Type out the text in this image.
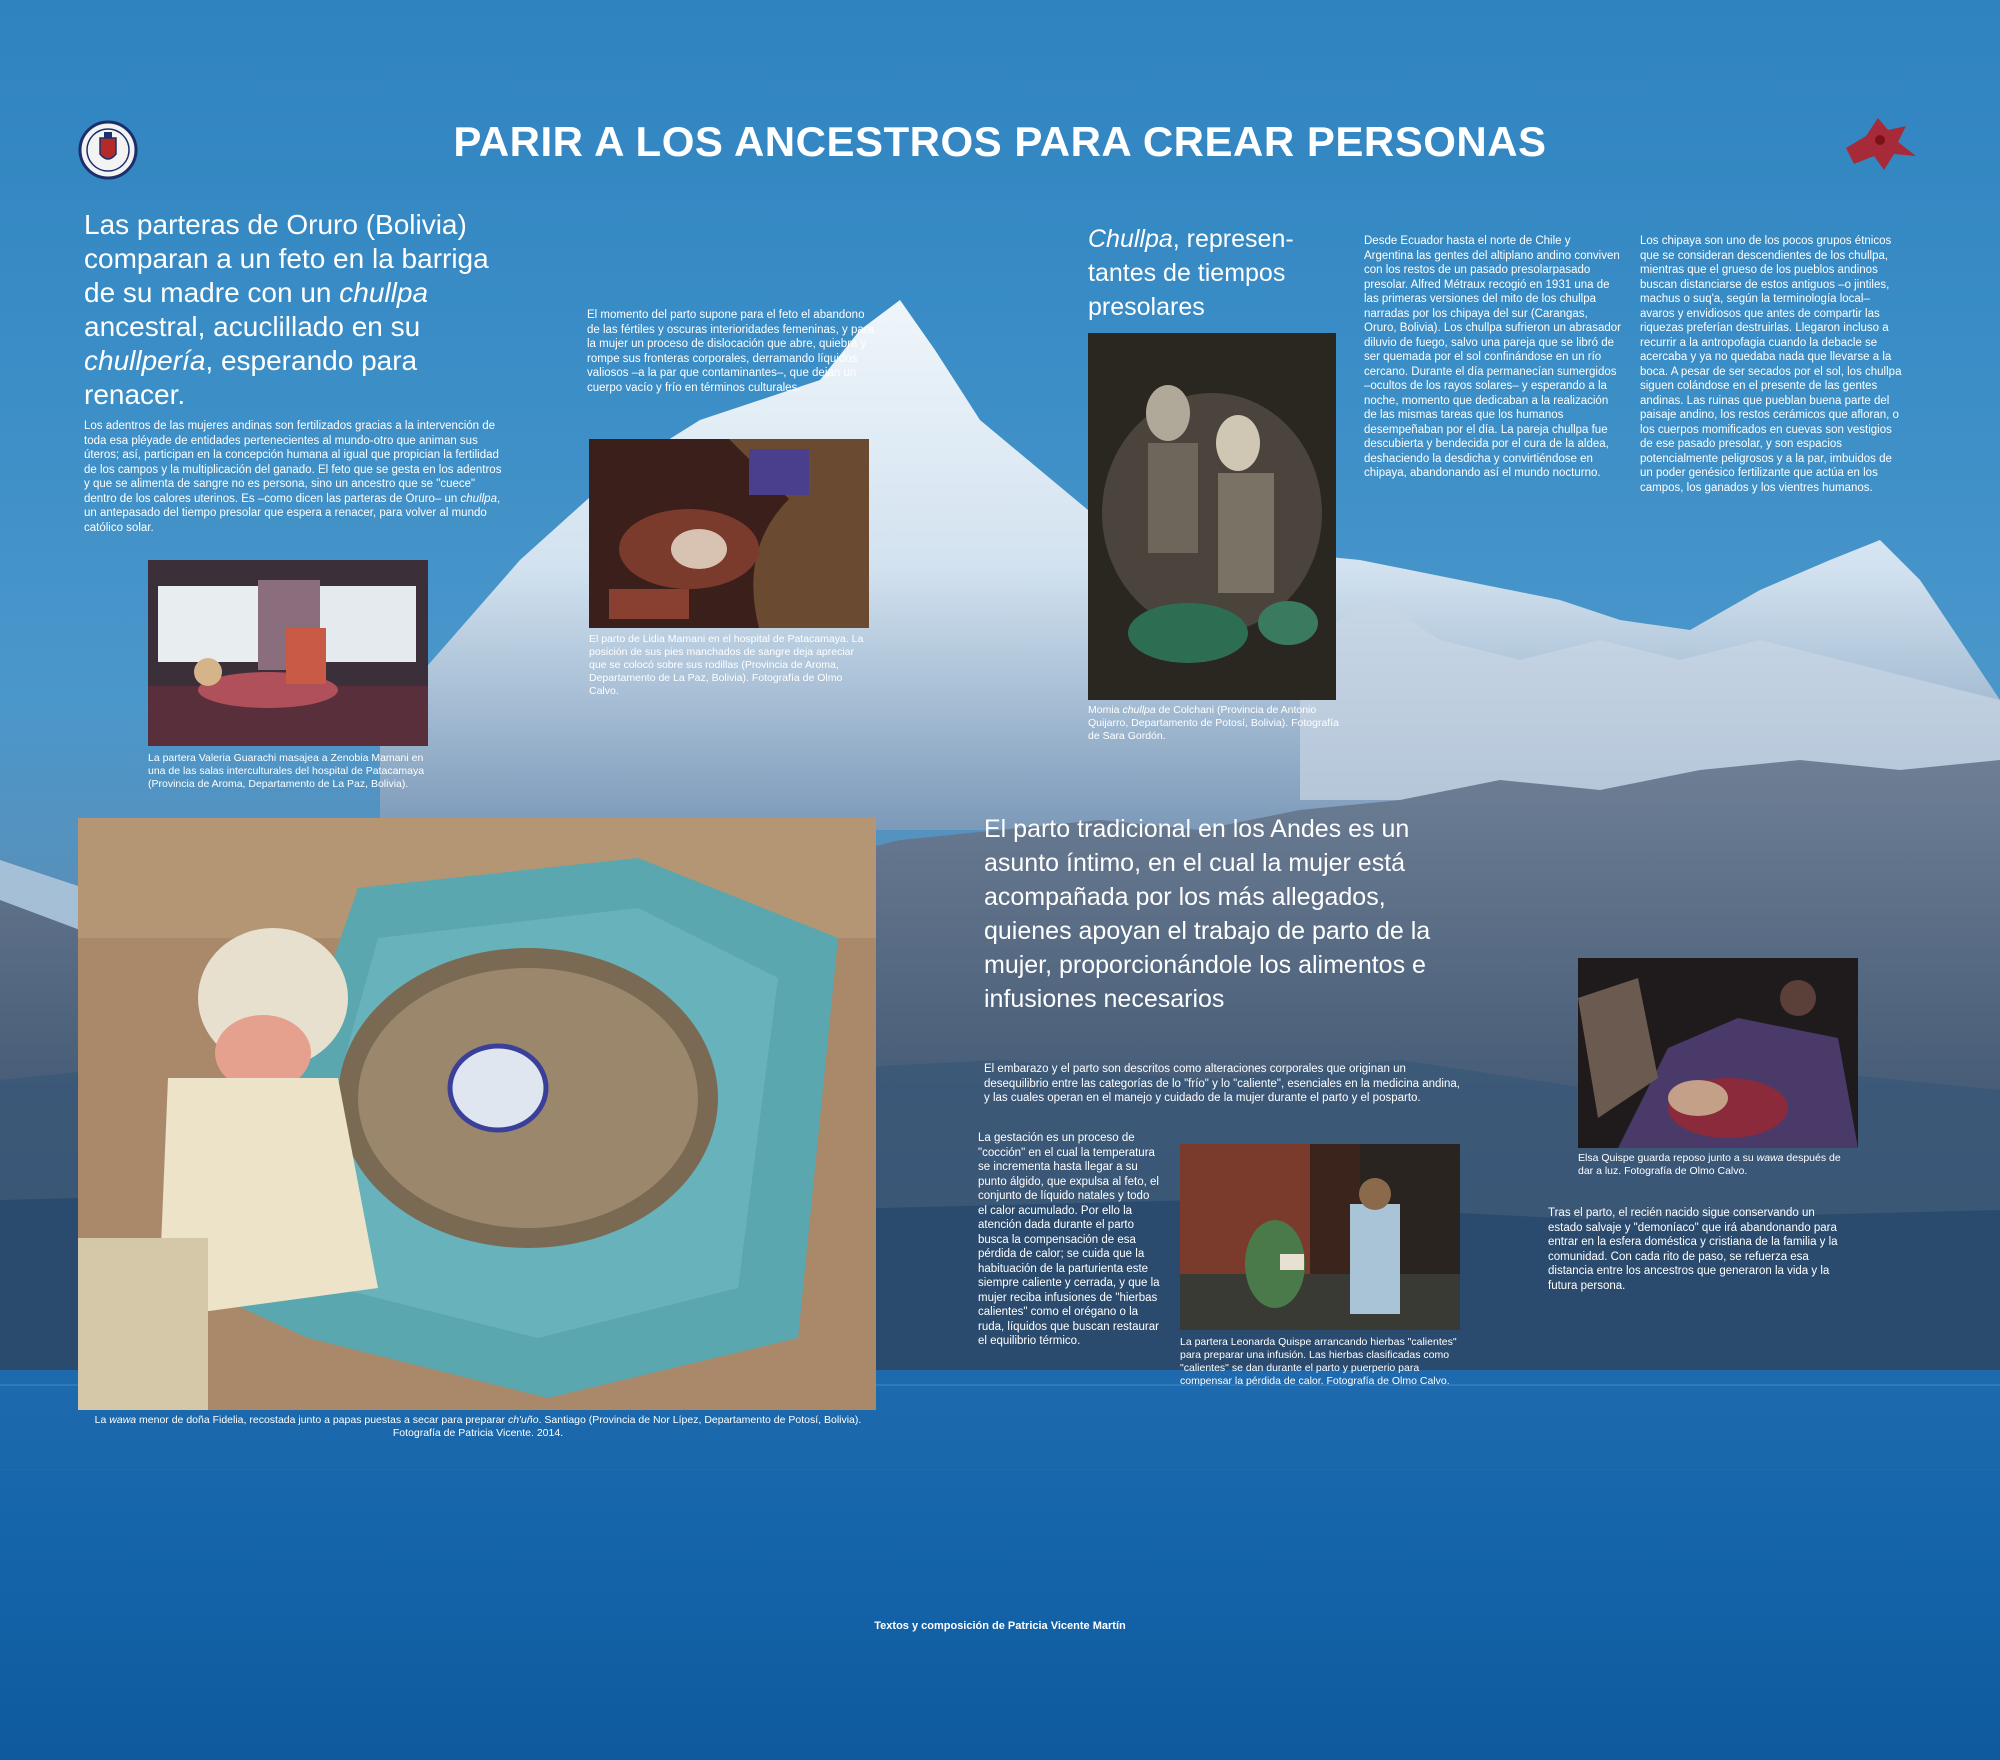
PARIR A LOS ANCESTROS PARA CREAR PERSONAS
Las parteras de Oruro (Bolivia) comparan a un feto en la barriga de su madre con un chullpa ancestral, acuclillado en su chullpería, esperando para renacer.
Los adentros de las mujeres andinas son fertilizados gracias a la intervención de toda esa pléyade de entidades pertenecientes al mundo-otro que animan sus úteros; así, participan en la concepción humana al igual que propician la fertilidad de los campos y la multiplicación del ganado. El feto que se gesta en los adentros y que se alimenta de sangre no es persona, sino un ancestro que se "cuece" dentro de los calores uterinos. Es –como dicen las parteras de Oruro– un chullpa, un antepasado del tiempo presolar que espera a renacer, para volver al mundo católico solar.
La partera Valeria Guarachi masajea a Zenobia Mamani en una de las salas interculturales del hospital de Patacamaya (Provincia de Aroma, Departamento de La Paz, Bolivia).
El momento del parto supone para el feto el abandono de las fértiles y oscuras interioridades femeninas, y para la mujer un proceso de dislocación que abre, quiebra y rompe sus fronteras corporales, derramando líquidos valiosos –a la par que contaminantes–, que dejan un cuerpo vacío y frío en términos culturales.
El parto de Lidia Mamani en el hospital de Patacamaya. La posición de sus pies manchados de sangre deja apreciar que se colocó sobre sus rodillas (Provincia de Aroma, Departamento de La Paz, Bolivia). Fotografía de Olmo Calvo.
Chullpa, represen-tantes de tiempos presolares
Momia chullpa de Colchani (Provincia de Antonio Quijarro, Departamento de Potosí, Bolivia). Fotografía de Sara Gordón.
Desde Ecuador hasta el norte de Chile y Argentina las gentes del altiplano andino conviven con los restos de un pasado presolarpasado presolar. Alfred Métraux recogió en 1931 una de las primeras versiones del mito de los chullpa narradas por los chipaya del sur (Carangas, Oruro, Bolivia). Los chullpa sufrieron un abrasador diluvio de fuego, salvo una pareja que se libró de ser quemada por el sol confinándose en un río cercano. Durante el día permanecían sumergidos –ocultos de los rayos solares– y esperando a la noche, momento que dedicaban a la realización de las mismas tareas que los humanos desempeñaban por el día. La pareja chullpa fue descubierta y bendecida por el cura de la aldea, deshaciendo la desdicha y convirtiéndose en chipaya, abandonando así el mundo nocturno.
Los chipaya son uno de los pocos grupos étnicos que se consideran descendientes de los chullpa, mientras que el grueso de los pueblos andinos buscan distanciarse de estos antiguos –o jintiles, machus o suq'a, según la terminología local– avaros y envidiosos que antes de compartir las riquezas preferían destruirlas. Llegaron incluso a recurrir a la antropofagia cuando la debacle se acercaba y ya no quedaba nada que llevarse a la boca. A pesar de ser secados por el sol, los chullpa siguen colándose en el presente de las gentes andinas. Las ruinas que pueblan buena parte del paisaje andino, los restos cerámicos que afloran, o los cuerpos momificados en cuevas son vestigios de ese pasado presolar, y son espacios potencialmente peligrosos y a la par, imbuidos de un poder genésico fertilizante que actúa en los campos, los ganados y los vientres humanos.
La wawa menor de doña Fidelia, recostada junto a papas puestas a secar para preparar ch'uño. Santiago (Provincia de Nor Lípez, Departamento de Potosí, Bolivia). Fotografía de Patricia Vicente. 2014.
El parto tradicional en los Andes es un asunto íntimo, en el cual la mujer está acompañada por los más allegados, quienes apoyan el trabajo de parto de la mujer, proporcionándole los alimentos e infusiones necesarios
El embarazo y el parto son descritos como alteraciones corporales que originan un desequilibrio entre las categorías de lo "frío" y lo "caliente", esenciales en la medicina andina, y las cuales operan en el manejo y cuidado de la mujer durante el parto y el posparto.
La gestación es un proceso de "cocción" en el cual la temperatura se incrementa hasta llegar a su punto álgido, que expulsa al feto, el conjunto de líquido natales y todo el calor acumulado. Por ello la atención dada durante el parto busca la compensación de esa pérdida de calor; se cuida que la habituación de la parturienta este siempre caliente y cerrada, y que la mujer reciba infusiones de "hierbas calientes" como el orégano o la ruda, líquidos que buscan restaurar el equilibrio térmico.	La partera Leonarda Quispe arrancando hierbas "calientes" para preparar una infusión. Las hierbas clasificadas como "calientes" se dan durante el parto y puerperio para compensar la pérdida de calor. Fotografía de Olmo Calvo.
Elsa Quispe guarda reposo junto a su wawa después de dar a luz. Fotografía de Olmo Calvo.
Tras el parto, el recién nacido sigue conservando un estado salvaje y "demoníaco" que irá abandonando para entrar en la esfera doméstica y cristiana de la familia y la comunidad. Con cada rito de paso, se refuerza esa distancia entre los ancestros que generaron la vida y la futura persona.
Textos y composición de Patricia Vicente Martín
